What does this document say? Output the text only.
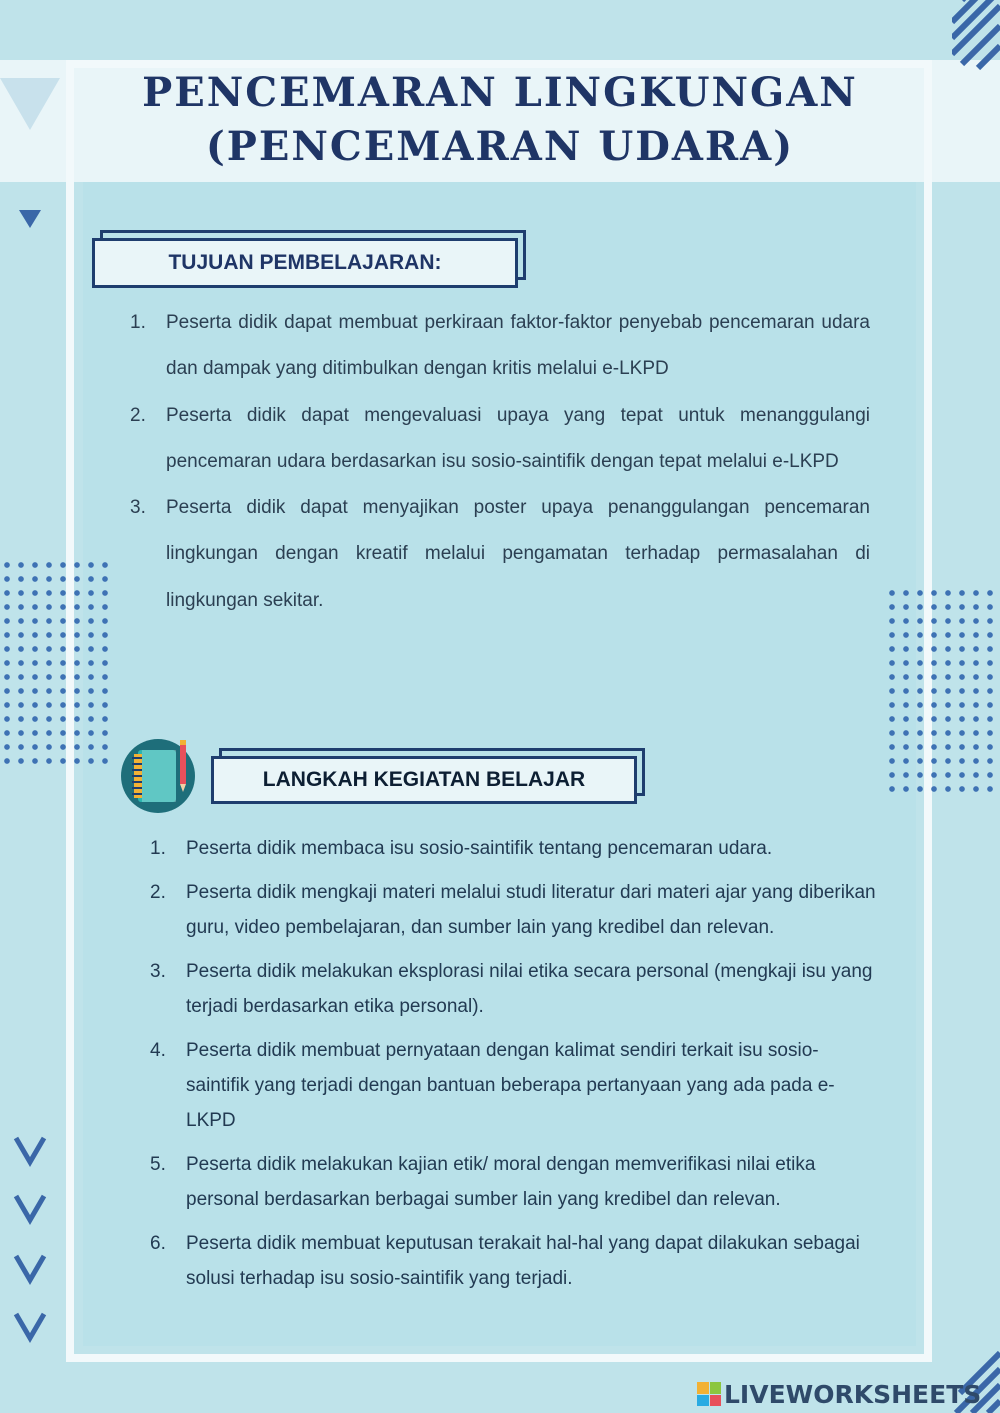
PENCEMARAN LINGKUNGAN
(PENCEMARAN UDARA)
TUJUAN PEMBELAJARAN:
1.	Peserta didik dapat membuat perkiraan faktor-faktor penyebab pencemaran udara dan dampak yang ditimbulkan dengan kritis melalui e-LKPD
2.	Peserta didik dapat mengevaluasi upaya yang tepat untuk menanggulangi pencemaran udara berdasarkan isu sosio-saintifik dengan tepat melalui e-LKPD
3.	Peserta didik dapat menyajikan poster upaya penanggulangan pencemaran lingkungan dengan kreatif melalui pengamatan terhadap permasalahan di lingkungan sekitar.
LANGKAH KEGIATAN BELAJAR
1.	Peserta didik membaca isu sosio-saintifik tentang pencemaran udara.
2.	Peserta didik mengkaji materi melalui studi literatur dari materi ajar yang diberikan guru, video pembelajaran, dan sumber lain yang kredibel dan relevan.
3.	Peserta didik melakukan eksplorasi nilai etika secara personal (mengkaji isu yang terjadi berdasarkan etika personal).
4.	Peserta didik membuat pernyataan dengan kalimat sendiri terkait isu sosio-saintifik yang terjadi dengan bantuan beberapa pertanyaan yang ada pada e-LKPD
5.	Peserta didik melakukan kajian etik/ moral dengan memverifikasi nilai etika personal berdasarkan berbagai sumber lain yang kredibel dan relevan.
6.	Peserta didik membuat keputusan terakait hal-hal yang dapat dilakukan sebagai solusi terhadap isu sosio-saintifik yang terjadi.
LIVEWORKSHEETS
